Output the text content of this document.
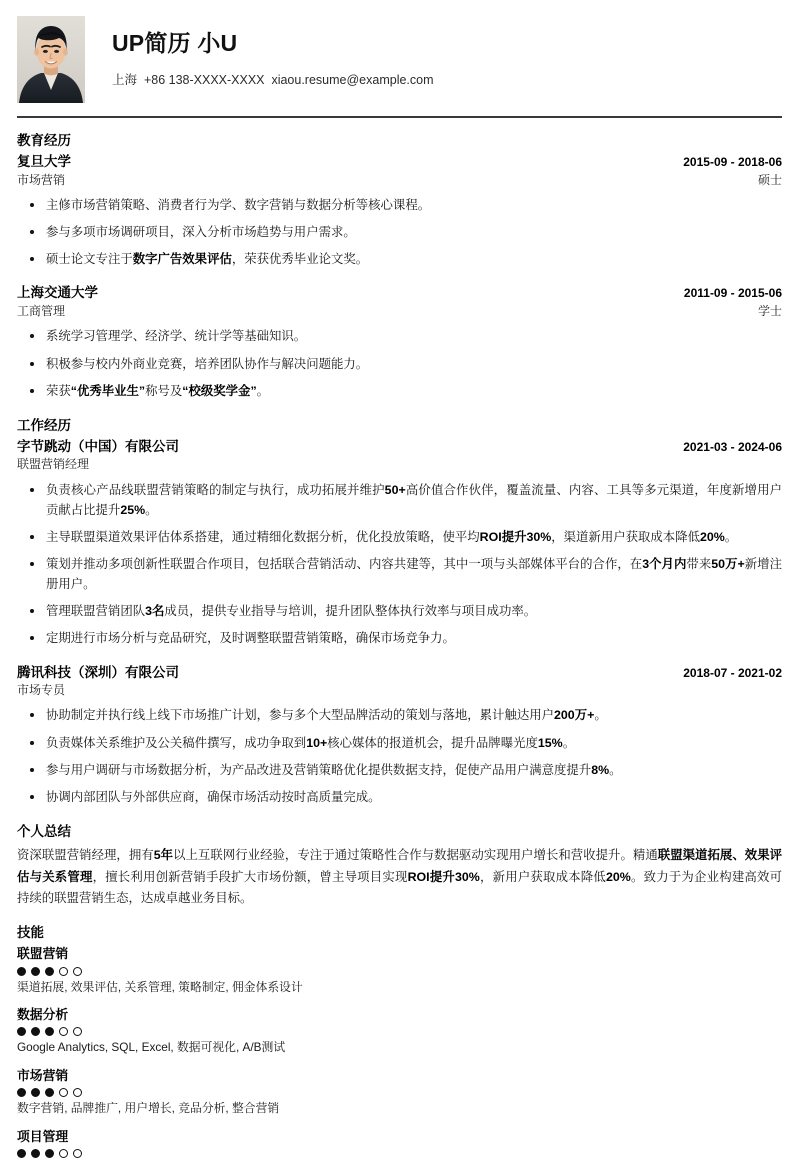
UP简历 小U
上海  +86 138-XXXX-XXXX  xiaou.resume@example.com
教育经历
复旦大学	2015-09 - 2018-06
市场营销	硕士
主修市场营销策略、消费者行为学、数字营销与数据分析等核心课程。
参与多项市场调研项目，深入分析市场趋势与用户需求。
硕士论文专注于数字广告效果评估，荣获优秀毕业论文奖。
上海交通大学	2011-09 - 2015-06
工商管理	学士
系统学习管理学、经济学、统计学等基础知识。
积极参与校内外商业竞赛，培养团队协作与解决问题能力。
荣获“优秀毕业生”称号及“校级奖学金”。
工作经历
字节跳动（中国）有限公司	2021-03 - 2024-06
联盟营销经理
负责核心产品线联盟营销策略的制定与执行，成功拓展并维护50+高价值合作伙伴，覆盖流量、内容、工具等多元渠道，年度新增用户贡献占比提升25%。
主导联盟渠道效果评估体系搭建，通过精细化数据分析，优化投放策略，使平均ROI提升30%，渠道新用户获取成本降低20%。
策划并推动多项创新性联盟合作项目，包括联合营销活动、内容共建等，其中一项与头部媒体平台的合作，在3个月内带来50万+新增注册用户。
管理联盟营销团队3名成员，提供专业指导与培训，提升团队整体执行效率与项目成功率。
定期进行市场分析与竞品研究，及时调整联盟营销策略，确保市场竞争力。
腾讯科技（深圳）有限公司	2018-07 - 2021-02
市场专员
协助制定并执行线上线下市场推广计划，参与多个大型品牌活动的策划与落地，累计触达用户200万+。
负责媒体关系维护及公关稿件撰写，成功争取到10+核心媒体的报道机会，提升品牌曝光度15%。
参与用户调研与市场数据分析，为产品改进及营销策略优化提供数据支持，促使产品用户满意度提升8%。
协调内部团队与外部供应商，确保市场活动按时高质量完成。
个人总结
资深联盟营销经理，拥有5年以上互联网行业经验，专注于通过策略性合作与数据驱动实现用户增长和营收提升。精通联盟渠道拓展、效果评估与关系管理，擅长利用创新营销手段扩大市场份额，曾主导项目实现ROI提升30%，新用户获取成本降低20%。致力于为企业构建高效可持续的联盟营销生态，达成卓越业务目标。
技能
联盟营销
渠道拓展, 效果评估, 关系管理, 策略制定, 佣金体系设计
数据分析
Google Analytics, SQL, Excel, 数据可视化, A/B测试
市场营销
数字营销, 品牌推广, 用户增长, 竞品分析, 整合营销
项目管理
